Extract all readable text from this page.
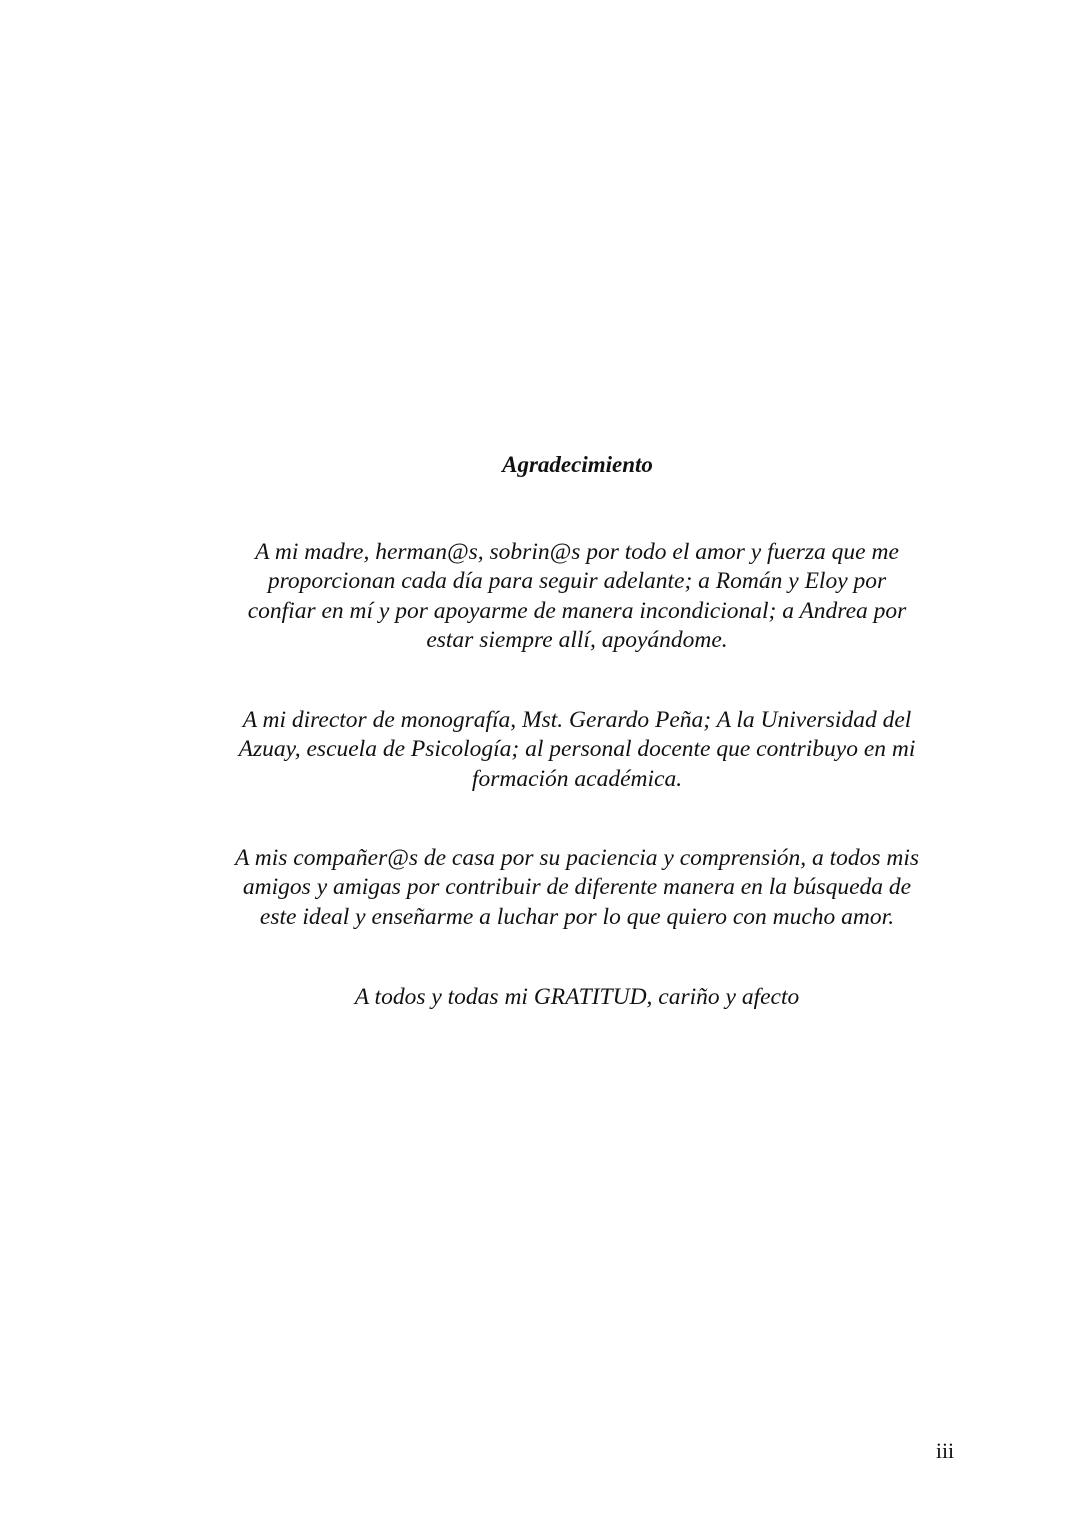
Agradecimiento

A mi madre, herman@s, sobrin@s por todo el amor y fuerza que me
proporcionan cada día para seguir adelante; a Román y Eloy por
confiar en mí y por apoyarme de manera incondicional; a Andrea por
estar siempre allí, apoyándome.

A mi director de monografía, Mst. Gerardo Peña; A la Universidad del
Azuay, escuela de Psicología; al personal docente que contribuyo en mi
formación académica.

A mis compañer@s de casa por su paciencia y comprensión, a todos mis
amigos y amigas por contribuir de diferente manera en la búsqueda de
este ideal y enseñarme a luchar por lo que quiero con mucho amor.

A todos y todas mi GRATITUD, cariño y afecto

iii
